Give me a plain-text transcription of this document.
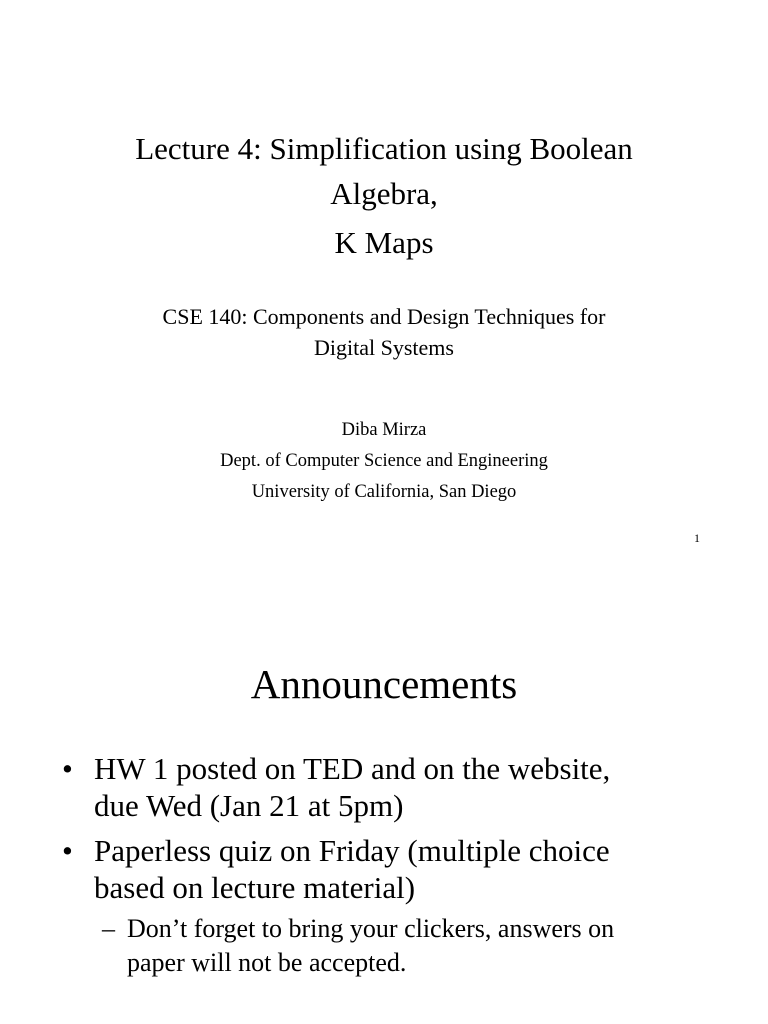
Lecture 4: Simplification using Boolean
Algebra,
K Maps
CSE 140: Components and Design Techniques for
Digital Systems
Diba Mirza
Dept. of Computer Science and Engineering
University of California, San Diego
1
Announcements
• HW 1 posted on TED and on the website,
due Wed (Jan 21 at 5pm)
• Paperless quiz on Friday (multiple choice
based on lecture material)
– Don’t forget to bring your clickers, answers on
paper will not be accepted.
